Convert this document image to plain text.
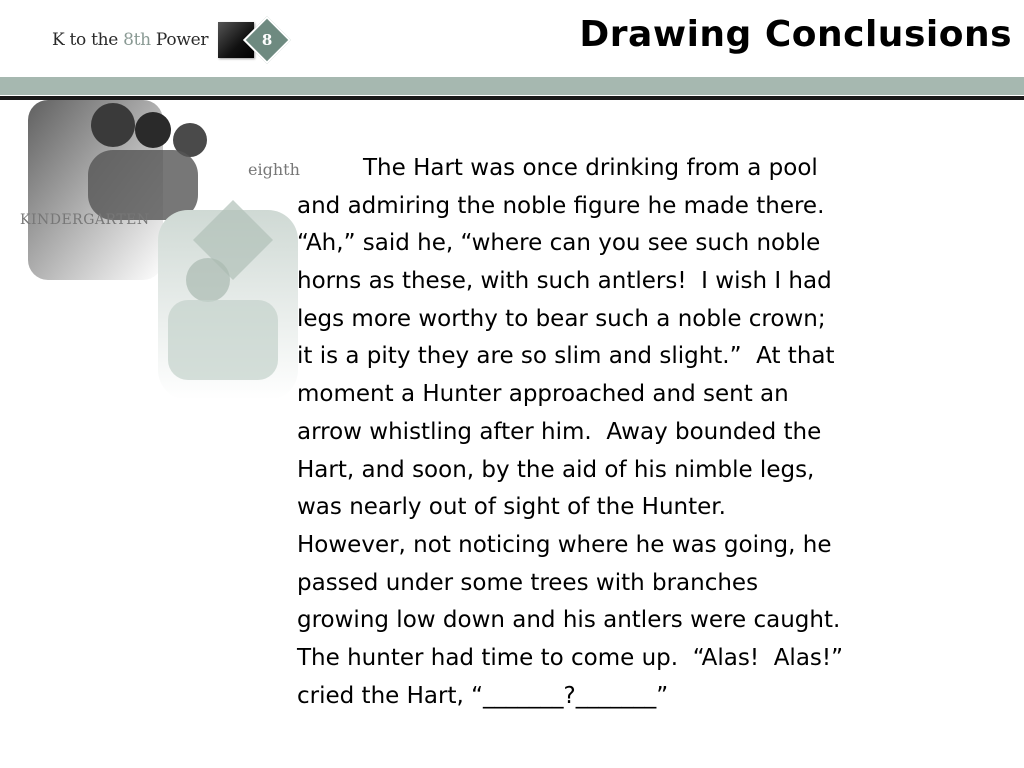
K to the 8th Power	8	Drawing Conclusions
KINDERGARTEN
eighth	The Hart was once drinking from a pool
and admiring the noble figure he made there.
“Ah,” said he, “where can you see such noble
horns as these, with such antlers!  I wish I had
legs more worthy to bear such a noble crown;
it is a pity they are so slim and slight.”  At that
moment a Hunter approached and sent an
arrow whistling after him.  Away bounded the
Hart, and soon, by the aid of his nimble legs,
was nearly out of sight of the Hunter.
However, not noticing where he was going, he
passed under some trees with branches
growing low down and his antlers were caught.
The hunter had time to come up.  “Alas!  Alas!”
cried the Hart, “_______?_______”
